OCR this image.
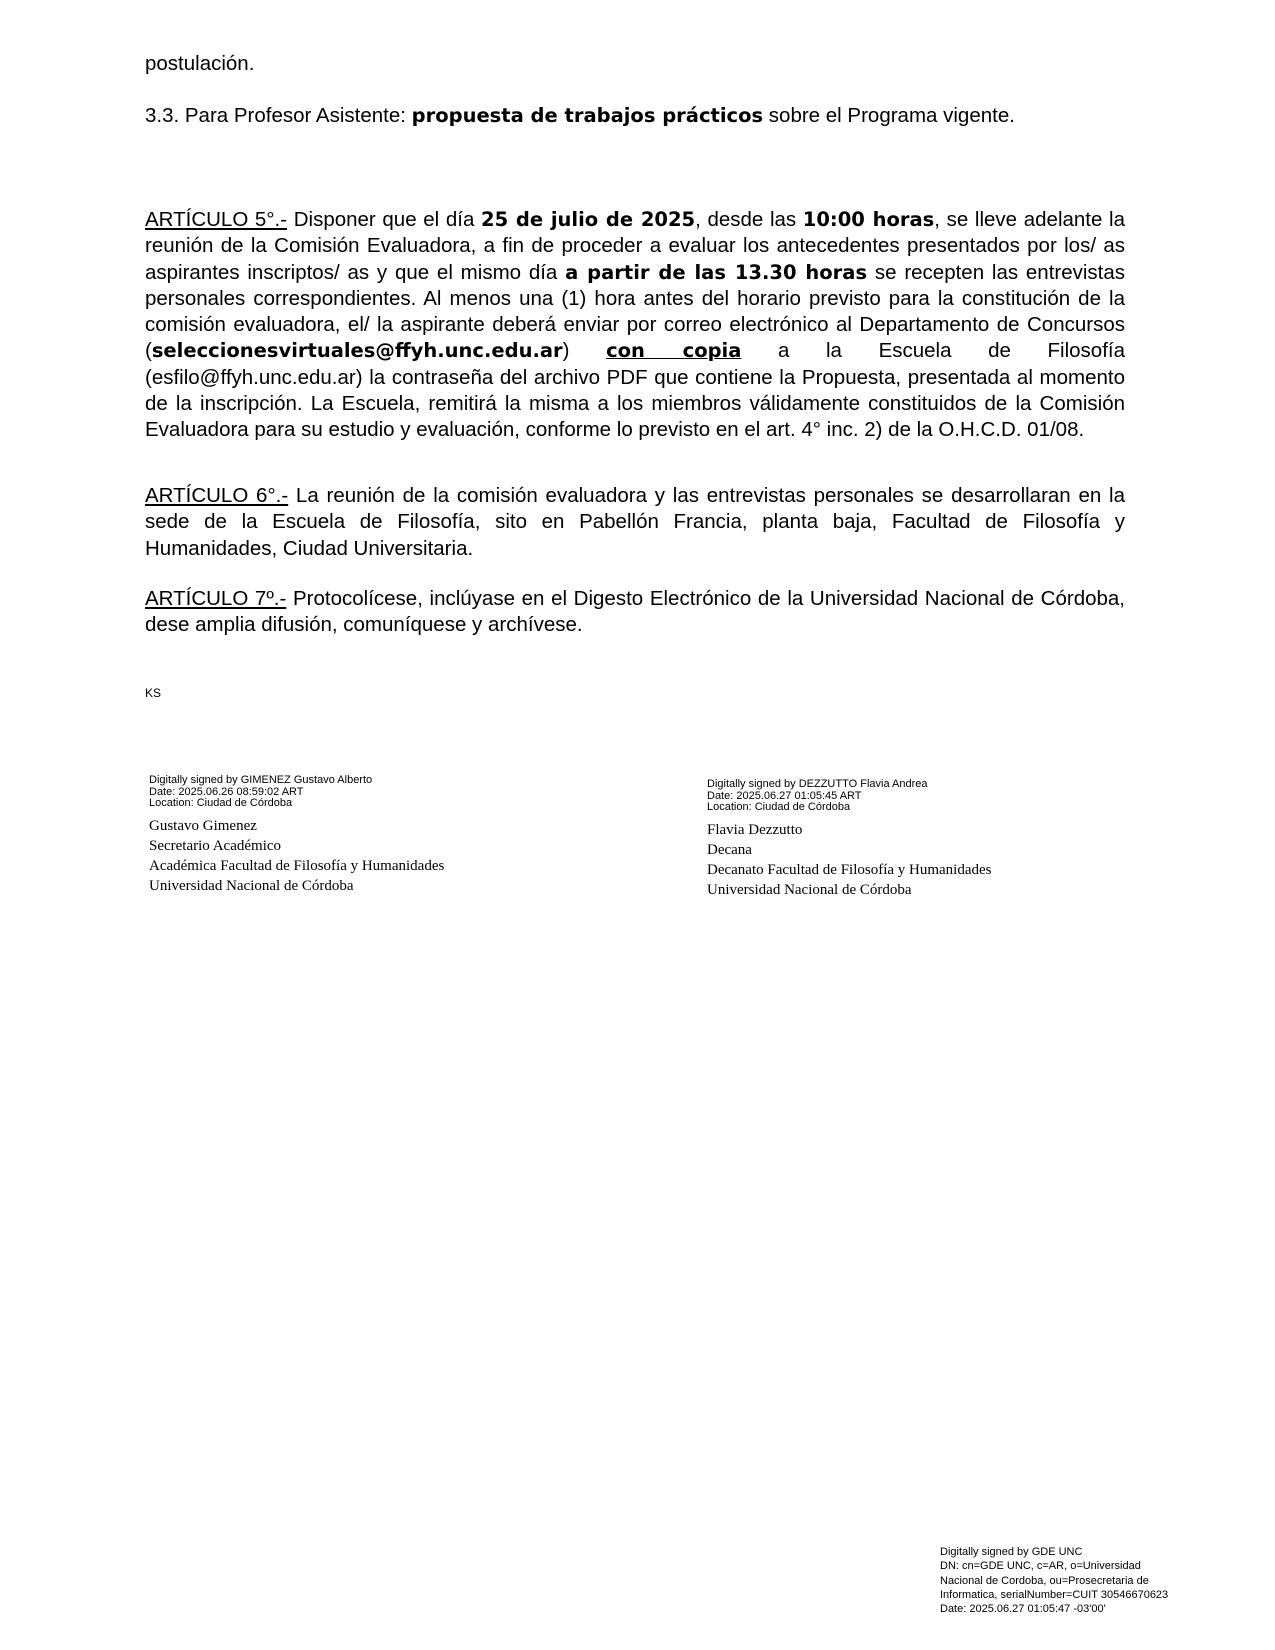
postulación.
3.3. Para Profesor Asistente: propuesta de trabajos prácticos sobre el Programa vigente.
ARTÍCULO 5°.- Disponer que el día 25 de julio de 2025, desde las 10:00 horas, se lleve adelante la reunión de la Comisión Evaluadora, a fin de proceder a evaluar los antecedentes presentados por los/ as aspirantes inscriptos/ as y que el mismo día a partir de las 13.30 horas se recepten las entrevistas personales correspondientes. Al menos una (1) hora antes del horario previsto para la constitución de la comisión evaluadora, el/ la aspirante deberá enviar por correo electrónico al Departamento de Concursos (seleccionesvirtuales@ffyh.unc.edu.ar) con copia a la Escuela de Filosofía (esfilo@ffyh.unc.edu.ar) la contraseña del archivo PDF que contiene la Propuesta, presentada al momento de la inscripción. La Escuela, remitirá la misma a los miembros válidamente constituidos de la Comisión Evaluadora para su estudio y evaluación, conforme lo previsto en el art. 4° inc. 2) de la O.H.C.D. 01/08.
ARTÍCULO 6°.- La reunión de la comisión evaluadora y las entrevistas personales se desarrollaran en la sede de la Escuela de Filosofía, sito en Pabellón Francia, planta baja, Facultad de Filosofía y Humanidades, Ciudad Universitaria.
ARTÍCULO 7º.- Protocolícese, inclúyase en el Digesto Electrónico de la Universidad Nacional de Córdoba, dese amplia difusión, comuníquese y archívese.
KS
Digitally signed by GIMENEZ Gustavo Alberto
Date: 2025.06.26 08:59:02 ART
Location: Ciudad de Córdoba
Gustavo Gimenez
Secretario Académico
Académica Facultad de Filosofía y Humanidades
Universidad Nacional de Córdoba
Digitally signed by DEZZUTTO Flavia Andrea
Date: 2025.06.27 01:05:45 ART
Location: Ciudad de Córdoba
Flavia Dezzutto
Decana
Decanato Facultad de Filosofía y Humanidades
Universidad Nacional de Córdoba
Digitally signed by GDE UNC
DN: cn=GDE UNC, c=AR, o=Universidad
Nacional de Cordoba, ou=Prosecretaria de
Informatica, serialNumber=CUIT 30546670623
Date: 2025.06.27 01:05:47 -03'00'
